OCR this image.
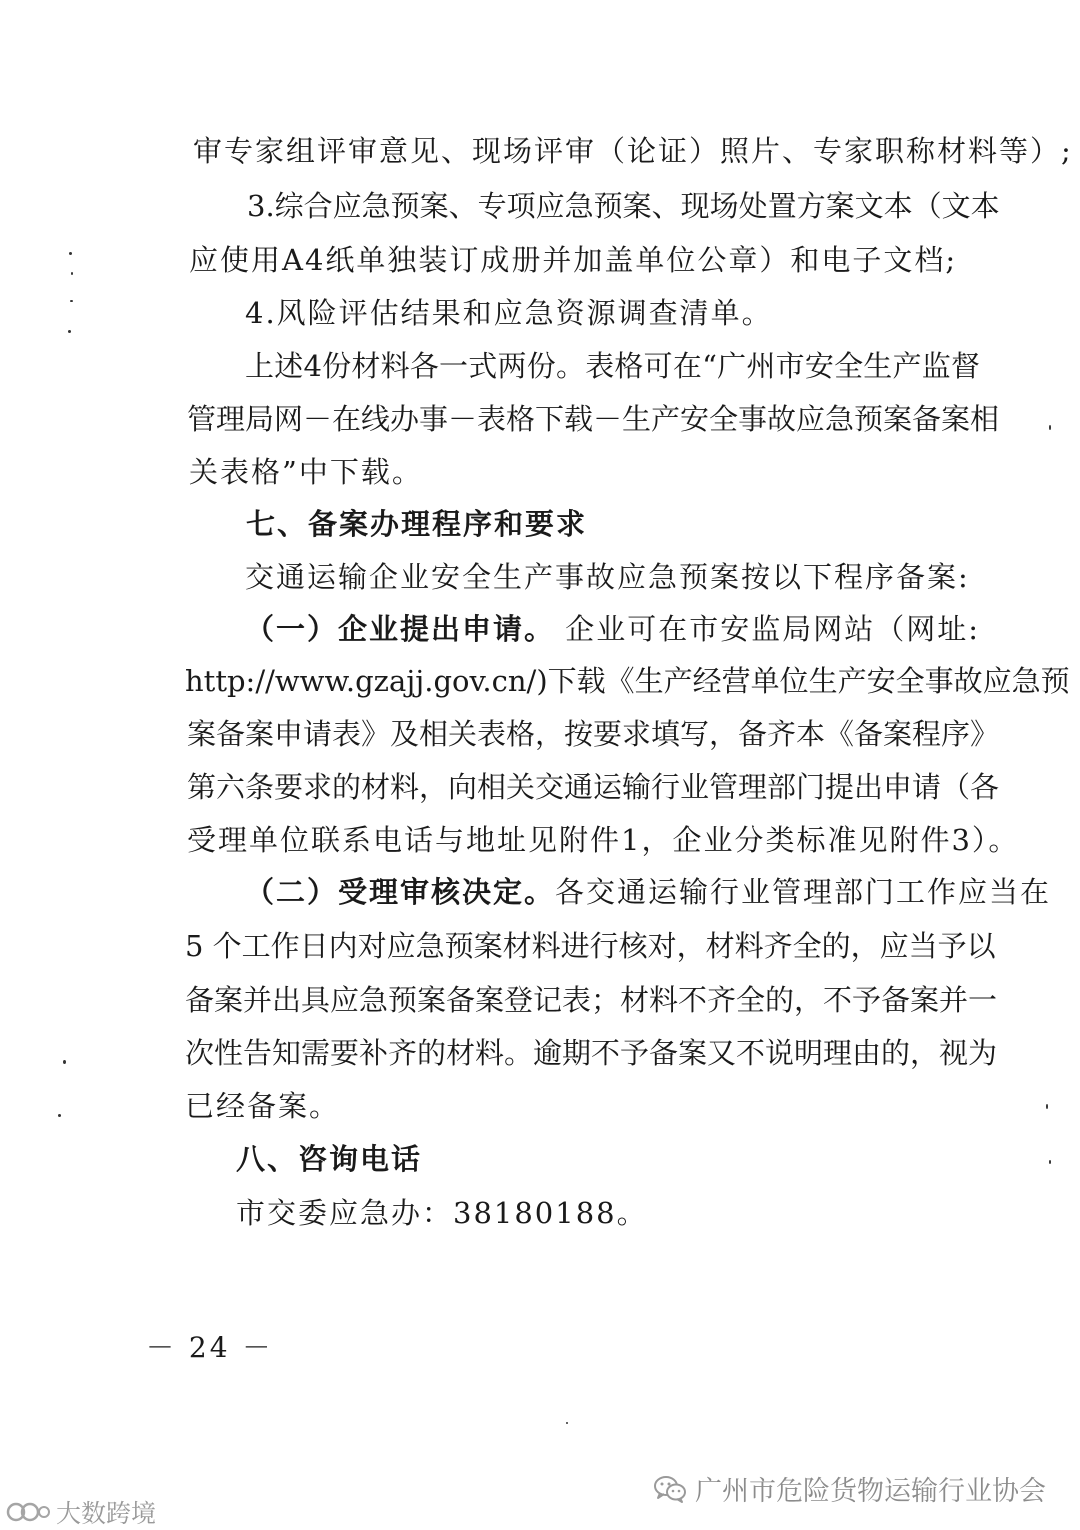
审专家组评审意见、现场评审（论证）照片、专家职称材料等）;
3.综合应急预案、专项应急预案、现场处置方案文本（文本
应使用A4纸单独装订成册并加盖单位公章）和电子文档;
4.风险评估结果和应急资源调查清单。
上述4份材料各一式两份。表格可在“广州市安全生产监督
管理局网－在线办事－表格下载－生产安全事故应急预案备案相
关表格”中下载。
七、备案办理程序和要求
交通运输企业安全生产事故应急预案按以下程序备案:
（一）企业提出申请。 企业可在市安监局网站（网址:
http://www.gzajj.gov.cn/)下载《生产经营单位生产安全事故应急预
案备案申请表》及相关表格，按要求填写，备齐本《备案程序》
第六条要求的材料，向相关交通运输行业管理部门提出申请（各
受理单位联系电话与地址见附件1，企业分类标准见附件3）。
（二）受理审核决定。 各交通运输行业管理部门工作应当在
5 个工作日内对应急预案材料进行核对，材料齐全的，应当予以
备案并出具应急预案备案登记表；材料不齐全的，不予备案并一
次性告知需要补齐的材料。逾期不予备案又不说明理由的，视为
已经备案。
八、咨询电话
市交委应急办：38180188。
－ 24 －
广州市危险货物运输行业协会
大数跨境
